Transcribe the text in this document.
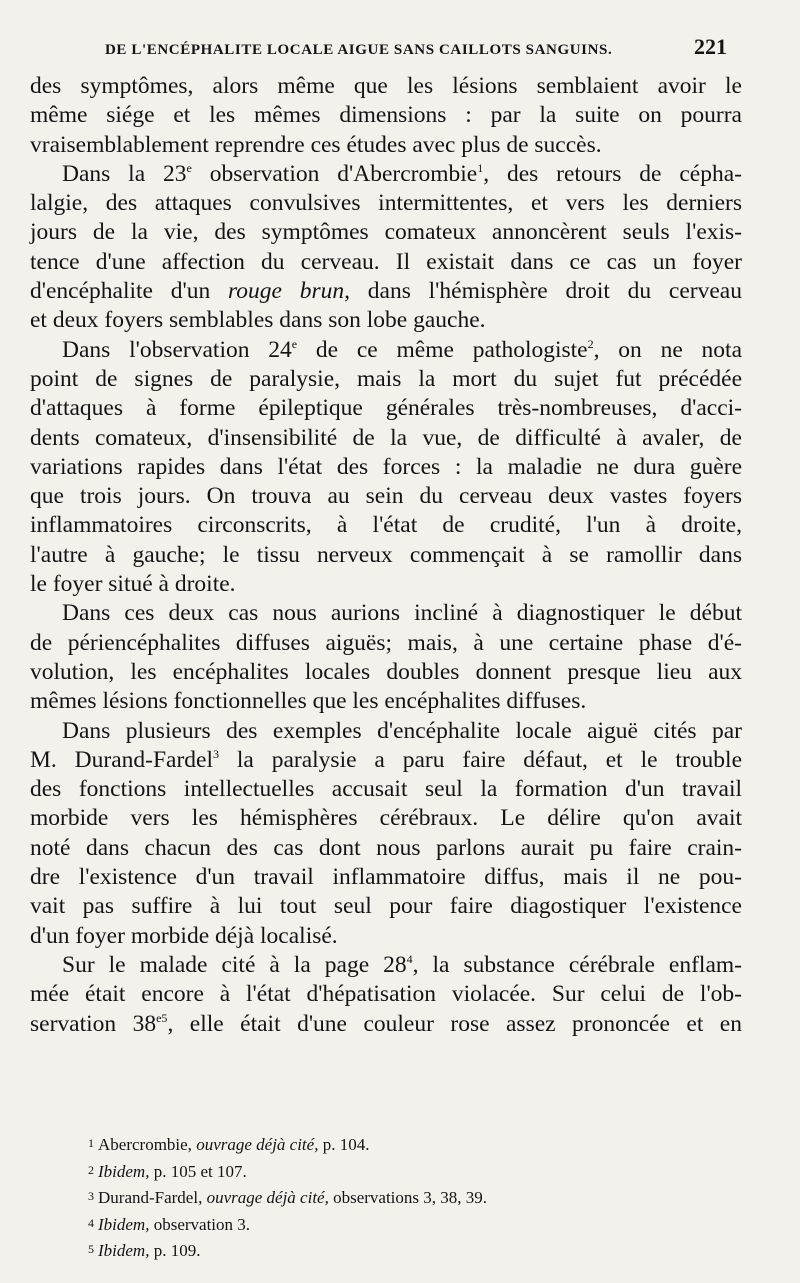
DE L'ENCÉPHALITE LOCALE AIGUE SANS CAILLOTS SANGUINS.	221
des symptômes, alors même que les lésions semblaient avoir le
même siége et les mêmes dimensions : par la suite on pourra
vraisemblablement reprendre ces études avec plus de succès.
Dans la 23e observation d'Abercrombie$^1$, des retours de cépha-
lalgie, des attaques convulsives intermittentes, et vers les derniers
jours de la vie, des symptômes comateux annoncèrent seuls l'exis-
tence d'une affection du cerveau. Il existait dans ce cas un foyer
d'encéphalite d'un rouge brun, dans l'hémisphère droit du cerveau
et deux foyers semblables dans son lobe gauche.
Dans l'observation 24e de ce même pathologiste$^2$, on ne nota
point de signes de paralysie, mais la mort du sujet fut précédée
d'attaques à forme épileptique générales très-nombreuses, d'acci-
dents comateux, d'insensibilité de la vue, de difficulté à avaler, de
variations rapides dans l'état des forces : la maladie ne dura guère
que trois jours. On trouva au sein du cerveau deux vastes foyers
inflammatoires circonscrits, à l'état de crudité, l'un à droite,
l'autre à gauche; le tissu nerveux commençait à se ramollir dans
le foyer situé à droite.
Dans ces deux cas nous aurions incliné à diagnostiquer le début
de périencéphalites diffuses aiguës; mais, à une certaine phase d'é-
volution, les encéphalites locales doubles donnent presque lieu aux
mêmes lésions fonctionnelles que les encéphalites diffuses.
Dans plusieurs des exemples d'encéphalite locale aiguë cités par
M. Durand-Fardel$^3$ la paralysie a paru faire défaut, et le trouble
des fonctions intellectuelles accusait seul la formation d'un travail
morbide vers les hémisphères cérébraux. Le délire qu'on avait
noté dans chacun des cas dont nous parlons aurait pu faire crain-
dre l'existence d'un travail inflammatoire diffus, mais il ne pou-
vait pas suffire à lui tout seul pour faire diagostiquer l'existence
d'un foyer morbide déjà localisé.
Sur le malade cité à la page $28^4$, la substance cérébrale enflam-
mée était encore à l'état d'hépatisation violacée. Sur celui de l'ob-
servation $38^{e5}$, elle était d'une couleur rose assez prononcée et en
1 Abercrombie, ouvrage déjà cité, p. 104.
2 Ibidem, p. 105 et 107.
3 Durand-Fardel, ouvrage déjà cité, observations 3, 38, 39.
4 Ibidem, observation 3.
5 Ibidem, p. 109.
